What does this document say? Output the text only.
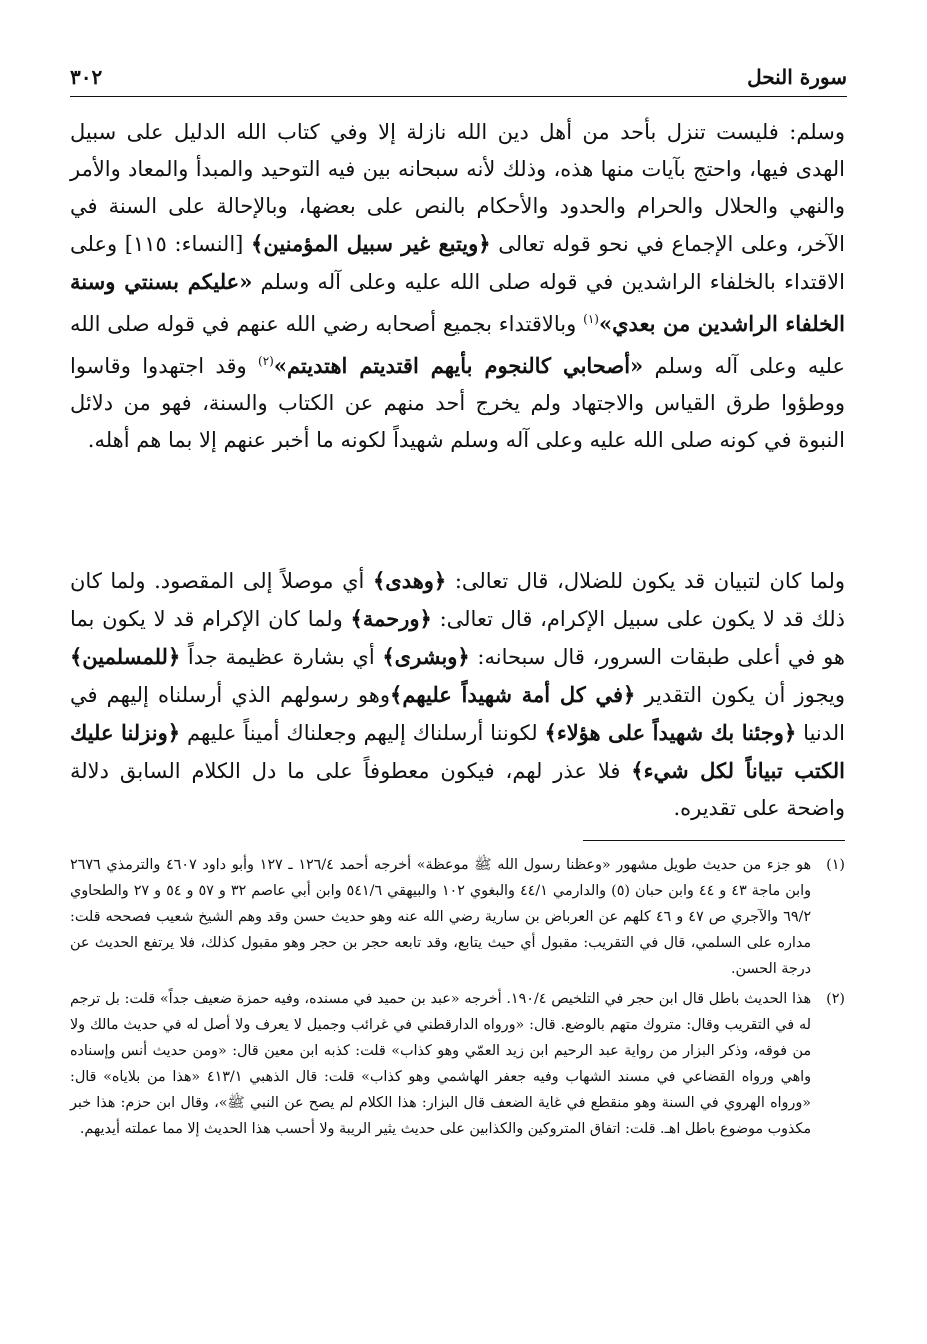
٣٠٢	سورة النحل
وسلم: فليست تنزل بأحد من أهل دين الله نازلة إلا وفي كتاب الله الدليل على سبيل الهدى فيها، واحتج بآيات منها هذه، وذلك لأنه سبحانه بين فيه التوحيد والمبدأ والمعاد والأمر والنهي والحلال والحرام والحدود والأحكام بالنص على بعضها، وبالإحالة على السنة في الآخر، وعلى الإجماع في نحو قوله تعالى ﴿ويتبع غير سبيل المؤمنين﴾ [النساء: ١١٥] وعلى الاقتداء بالخلفاء الراشدين في قوله صلى الله عليه وعلى آله وسلم «عليكم بسنتي وسنة الخلفاء الراشدين من بعدي»$^{(١)}$ وبالاقتداء بجميع أصحابه رضي الله عنهم في قوله صلى الله عليه وعلى آله وسلم «أصحابي كالنجوم بأيهم اقتديتم اهتديتم»$^{(٢)}$ وقد اجتهدوا وقاسوا ووطؤوا طرق القياس والاجتهاد ولم يخرج أحد منهم عن الكتاب والسنة، فهو من دلائل النبوة في كونه صلى الله عليه وعلى آله وسلم شهيداً لكونه ما أخبر عنهم إلا بما هم أهله.
ولما كان لتبيان قد يكون للضلال، قال تعالى: ﴿وهدى﴾ أي موصلاً إلى المقصود. ولما كان ذلك قد لا يكون على سبيل الإكرام، قال تعالى: ﴿ورحمة﴾ ولما كان الإكرام قد لا يكون بما هو في أعلى طبقات السرور، قال سبحانه: ﴿وبشرى﴾ أي بشارة عظيمة جداً ﴿للمسلمين﴾ ويجوز أن يكون التقدير ﴿في كل أمة شهيداً عليهم﴾وهو رسولهم الذي أرسلناه إليهم في الدنيا ﴿وجئنا بك شهيداً على هؤلاء﴾ لكوننا أرسلناك إليهم وجعلناك أميناً عليهم ﴿ونزلنا عليك الكتب تبياناً لكل شيء﴾ فلا عذر لهم، فيكون معطوفاً على ما دل الكلام السابق دلالة واضحة على تقديره.
(١)
هو جزء من حديث طويل مشهور «وعظنا رسول الله ﷺ موعظة» أخرجه أحمد ١٢٦/٤ ـ ١٢٧ وأبو داود ٤٦٠٧ والترمذي ٢٦٧٦ وابن ماجة ٤٣ و ٤٤ وابن حبان (٥) والدارمي ٤٤/١ والبغوي ١٠٢ والبيهقي ٥٤١/٦ وابن أبي عاصم ٣٢ و ٥٧ و ٥٤ و ٢٧ والطحاوي ٦٩/٢ والآجري ص ٤٧ و ٤٦ كلهم عن العرباض بن سارية رضي الله عنه وهو حديث حسن وقد وهم الشيخ شعيب فصححه قلت: مداره على السلمي، قال في التقريب: مقبول أي حيث يتابع، وقد تابعه حجر بن حجر وهو مقبول كذلك، فلا يرتفع الحديث عن درجة الحسن.
(٢)
هذا الحديث باطل قال ابن حجر في التلخيص ١٩٠/٤. أخرجه «عبد بن حميد في مسنده، وفيه حمزة ضعيف جداً» قلت: بل ترجم له في التقريب وقال: متروك متهم بالوضع. قال: «ورواه الدارقطني في غرائب وجميل لا يعرف ولا أصل له في حديث مالك ولا من فوقه، وذكر البزار من رواية عبد الرحيم ابن زيد العمّي وهو كذاب» قلت: كذبه ابن معين قال: «ومن حديث أنس وإسناده واهي ورواه القضاعي في مسند الشهاب وفيه جعفر الهاشمي وهو كذاب» قلت: قال الذهبي ٤١٣/١ «هذا من بلاياه» قال: «ورواه الهروي في السنة وهو منقطع في غاية الضعف قال البزار: هذا الكلام لم يصح عن النبي ﷺ»، وقال ابن حزم: هذا خبر مكذوب موضوع باطل اهـ. قلت: اتفاق المتروكين والكذابين على حديث يثير الريبة ولا أحسب هذا الحديث إلا مما عملته أيديهم.
